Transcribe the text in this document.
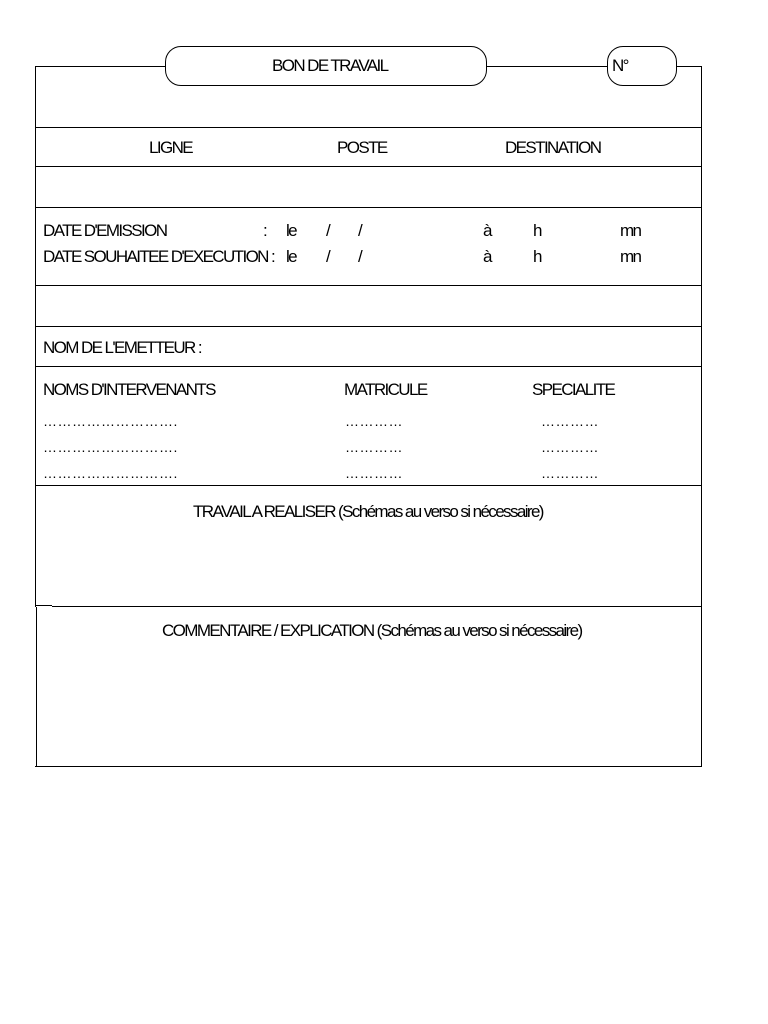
BON DE TRAVAIL	N°
LIGNE	POSTE	DESTINATION
DATE D'EMISSION	: le / /	à h	mn
DATE SOUHAITEE D'EXECUTION : le / /	à h	mn
NOM DE L'EMETTEUR :
NOMS D'INTERVENANTS	MATRICULE	SPECIALITE
……………………….	…………	…………
……………………….	…………	…………
……………………….	…………	…………
TRAVAIL A REALISER (Schémas au verso si nécessaire)
COMMENTAIRE / EXPLICATION (Schémas au verso si nécessaire)
